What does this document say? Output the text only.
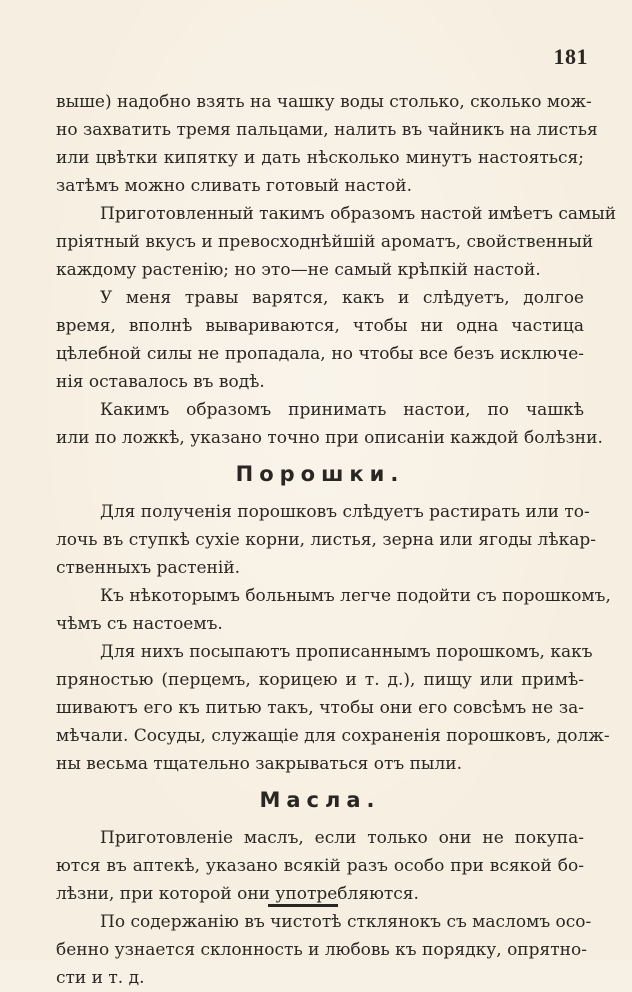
181
выше) надобно взять на чашку воды столько, сколько мож-
но захватить тремя пальцами, налить въ чайникъ на листья
или цвѣтки кипятку и дать нѣсколько минутъ настояться;
затѣмъ можно сливать готовый настой.
Приготовленный такимъ образомъ настой имѣетъ самый
пріятный вкусъ и превосходнѣйшій ароматъ, свойственный
каждому растенію; но это—не самый крѣпкій настой.
У меня травы варятся, какъ и слѣдуетъ, долгое
время, вполнѣ вывариваются, чтобы ни одна частица
цѣлебной силы не пропадала, но чтобы все безъ исключе-
нія оставалось въ водѣ.
Какимъ образомъ принимать настои, по чашкѣ
или по ложкѣ, указано точно при описаніи каждой болѣзни.
Порошки.
Для полученія порошковъ слѣдуетъ растирать или то-
лочь въ ступкѣ сухіе корни, листья, зерна или ягоды лѣкар-
ственныхъ растеній.
Къ нѣкоторымъ больнымъ легче подойти съ порошкомъ,
чѣмъ съ настоемъ.
Для нихъ посыпаютъ прописаннымъ порошкомъ, какъ
пряностью (перцемъ, корицею и т. д.), пищу или примѣ-
шиваютъ его къ питью такъ, чтобы они его совсѣмъ не за-
мѣчали. Сосуды, служащіе для сохраненія порошковъ, долж-
ны весьма тщательно закрываться отъ пыли.
Масла.
Приготовленіе маслъ, если только они не покупа-
ются въ аптекѣ, указано всякій разъ особо при всякой бо-
лѣзни, при которой они употребляются.
По содержанію въ чистотѣ стклянокъ съ масломъ осо-
бенно узнается склонность и любовь къ порядку, опрятно-
сти и т. д.
